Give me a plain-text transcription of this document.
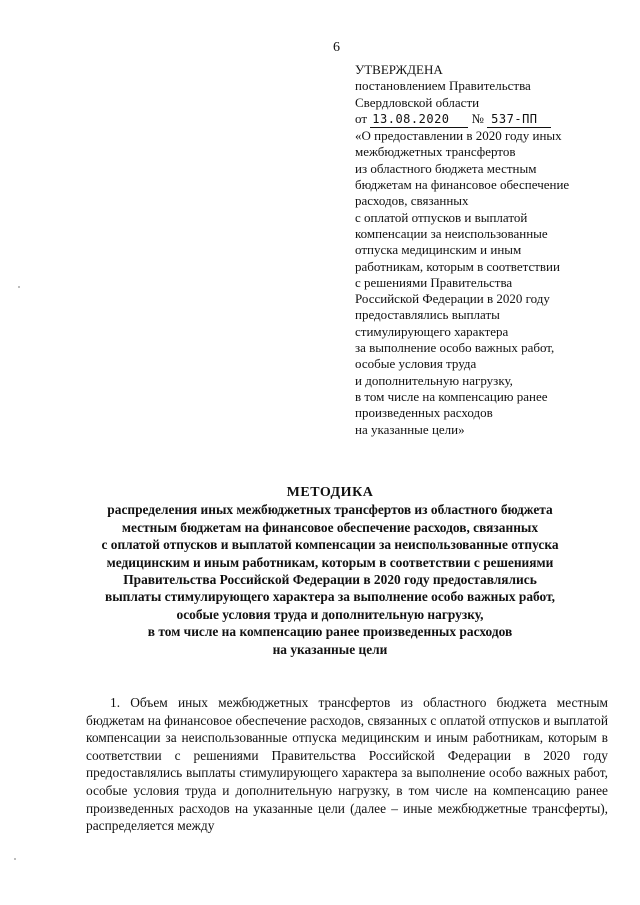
6
УТВЕРЖДЕНА
постановлением Правительства
Свердловской области
от 13.08.2020 № 537-ПП
«О предоставлении в 2020 году иных
межбюджетных трансфертов
из областного бюджета местным
бюджетам на финансовое обеспечение
расходов, связанных
с оплатой отпусков и выплатой
компенсации за неиспользованные
отпуска медицинским и иным
работникам, которым в соответствии
с решениями Правительства
Российской Федерации в 2020 году
предоставлялись выплаты
стимулирующего характера
за выполнение особо важных работ,
особые условия труда
и дополнительную нагрузку,
в том числе на компенсацию ранее
произведенных расходов
на указанные цели»
МЕТОДИКА
распределения иных межбюджетных трансфертов из областного бюджета
местным бюджетам на финансовое обеспечение расходов, связанных
с оплатой отпусков и выплатой компенсации за неиспользованные отпуска
медицинским и иным работникам, которым в соответствии с решениями
Правительства Российской Федерации в 2020 году предоставлялись
выплаты стимулирующего характера за выполнение особо важных работ,
особые условия труда и дополнительную нагрузку,
в том числе на компенсацию ранее произведенных расходов
на указанные цели

1. Объем иных межбюджетных трансфертов из областного бюджета местным бюджетам на финансовое обеспечение расходов, связанных с оплатой отпусков и выплатой компенсации за неиспользованные отпуска медицинским и иным работникам, которым в соответствии с решениями Правительства Российской Федерации в 2020 году предоставлялись выплаты стимулирующего характера за выполнение особо важных работ, особые условия труда и дополнительную нагрузку, в том числе на компенсацию ранее произведенных расходов на указанные цели (далее – иные межбюджетные трансферты), распределяется между
